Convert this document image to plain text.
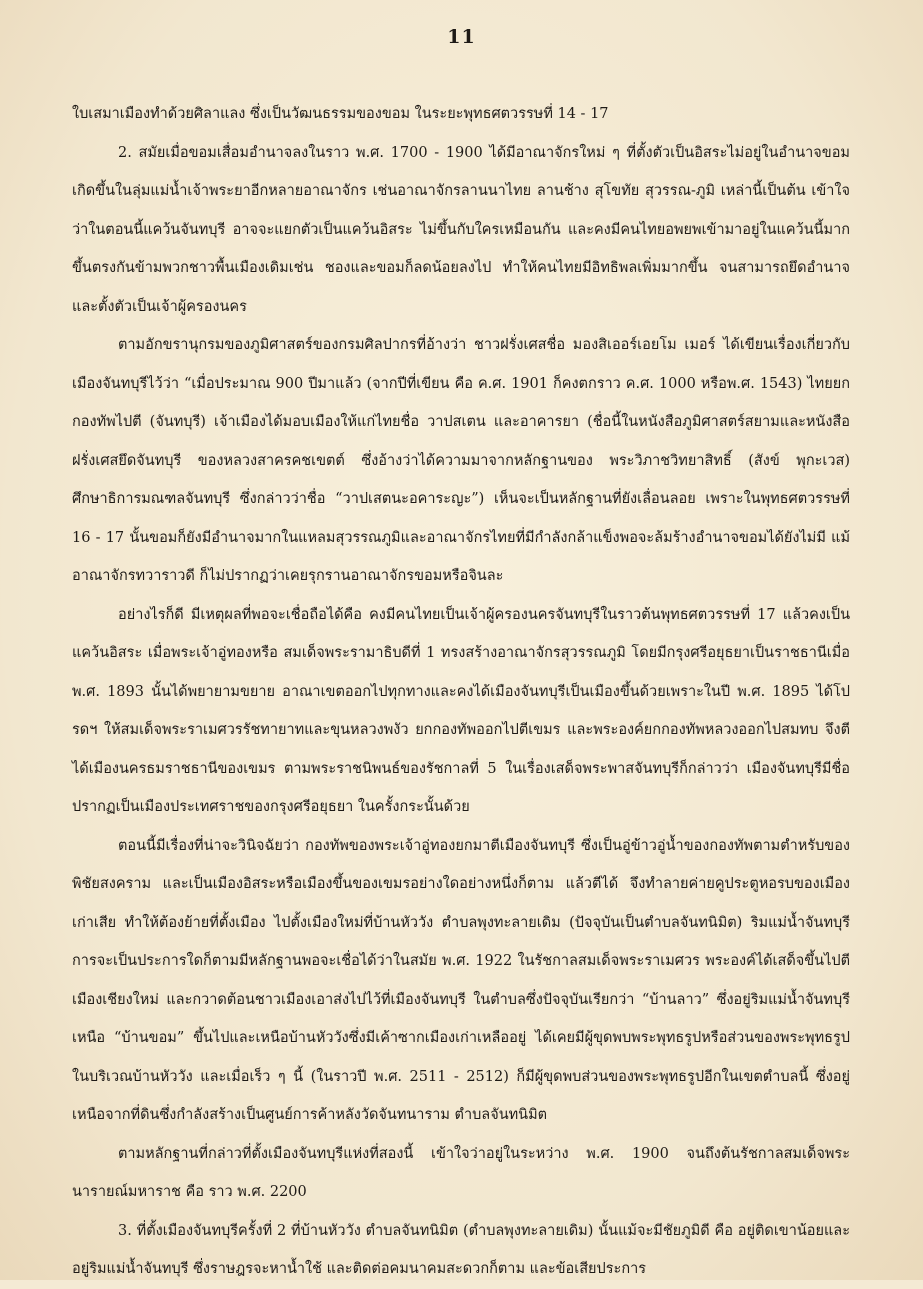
11

ใบเสมาเมืองทำด้วยศิลาแลง ซึ่งเป็นวัฒนธรรมของขอม ในระยะพุทธศตวรรษที่ 14 - 17

2. สมัยเมื่อขอมเสื่อมอำนาจลงในราว พ.ศ. 1700 - 1900 ได้มีอาณาจักรใหม่ ๆ ที่ตั้งตัวเป็นอิสระไม่อยู่ในอำนาจขอม เกิดขึ้นในลุ่มแม่น้ำเจ้าพระยาอีกหลายอาณาจักร เช่นอาณาจักรลานนาไทย ลานช้าง สุโขทัย สุวรรณ-ภูมิ เหล่านี้เป็นต้น เข้าใจว่าในตอนนี้แคว้นจันทบุรี อาจจะแยกตัวเป็นแคว้นอิสระ ไม่ขึ้นกับใครเหมือนกัน และคงมีคนไทยอพยพเข้ามาอยู่ในแคว้นนี้มากขึ้นตรงกันข้ามพวกชาวพื้นเมืองเดิมเช่น ชองและขอมก็ลดน้อยลงไป ทำให้คนไทยมีอิทธิพลเพิ่มมากขึ้น จนสามารถยึดอำนาจและตั้งตัวเป็นเจ้าผู้ครองนคร

ตามอักขรานุกรมของภูมิศาสตร์ของกรมศิลปากรที่อ้างว่า ชาวฝรั่งเศสชื่อ มองสิเออร์เอยโม เมอร์ ได้เขียนเรื่องเกี่ยวกับเมืองจันทบุรีไว้ว่า “เมื่อประมาณ 900 ปีมาแล้ว (จากปีที่เขียน คือ ค.ศ. 1901 ก็คงตกราว ค.ศ. 1000 หรือพ.ศ. 1543) ไทยยกกองทัพไปตี (จันทบุรี) เจ้าเมืองได้มอบเมืองให้แก่ไทยชื่อ วาปสเตน และอาคารยา (ชื่อนี้ในหนังสือภูมิศาสตร์สยามและหนังสือฝรั่งเศสยึดจันทบุรี ของหลวงสาครคชเขตต์ ซึ่งอ้างว่าได้ความมาจากหลักฐานของ พระวิภาชวิทยาสิทธิ์ (สังข์ พุกะเวส) ศึกษาธิการมณฑลจันทบุรี ซึ่งกล่าวว่าชื่อ “วาปเสตนะอคาระญะ”) เห็นจะเป็นหลักฐานที่ยังเลื่อนลอย เพราะในพุทธศตวรรษที่ 16 - 17 นั้นขอมก็ยังมีอำนาจมากในแหลมสุวรรณภูมิและอาณาจักรไทยที่มีกำลังกล้าแข็งพอจะล้มร้างอำนาจขอมได้ยังไม่มี แม้อาณาจักรทวาราวดี ก็ไม่ปรากฏว่าเคยรุกรานอาณาจักรขอมหรือจินละ

อย่างไรก็ดี มีเหตุผลที่พอจะเชื่อถือได้คือ คงมีคนไทยเป็นเจ้าผู้ครองนครจันทบุรีในราวต้นพุทธศตวรรษที่ 17 แล้วคงเป็นแคว้นอิสระ เมื่อพระเจ้าอู่ทองหรือ สมเด็จพระรามาธิบดีที่ 1 ทรงสร้างอาณาจักรสุวรรณภูมิ โดยมีกรุงศรีอยุธยาเป็นราชธานีเมื่อ พ.ศ. 1893 นั้นได้พยายามขยาย อาณาเขตออกไปทุกทางและคงได้เมืองจันทบุรีเป็นเมืองขึ้นด้วยเพราะในปี พ.ศ. 1895 ได้โปรดฯ ให้สมเด็จพระราเมศวรรัชทายาทและขุนหลวงพงัว ยกกองทัพออกไปตีเขมร และพระองค์ยกกองทัพหลวงออกไปสมทบ จึงตีได้เมืองนครธมราชธานีของเขมร ตามพระราชนิพนธ์ของรัชกาลที่ 5 ในเรื่องเสด็จพระพาสจันทบุรีก็กล่าวว่า เมืองจันทบุรีมีชื่อปรากฏเป็นเมืองประเทศราชของกรุงศรีอยุธยา ในครั้งกระนั้นด้วย

ตอนนี้มีเรื่องที่น่าจะวินิจฉัยว่า กองทัพของพระเจ้าอู่ทองยกมาตีเมืองจันทบุรี ซึ่งเป็นอู่ข้าวอู่น้ำของกองทัพตามตำหรับของพิชัยสงคราม และเป็นเมืองอิสระหรือเมืองขึ้นของเขมรอย่างใดอย่างหนึ่งก็ตาม แล้วตีได้ จึงทำลายค่ายคูประตูหอรบของเมืองเก่าเสีย ทำให้ต้องย้ายที่ตั้งเมือง ไปตั้งเมืองใหม่ที่บ้านหัววัง ตำบลพุงทะลายเดิม (ปัจจุบันเป็นตำบลจันทนิมิต) ริมแม่น้ำจันทบุรีการจะเป็นประการใดก็ตามมีหลักฐานพอจะเชื่อได้ว่าในสมัย พ.ศ. 1922 ในรัชกาลสมเด็จพระราเมศวร พระองค์ได้เสด็จขึ้นไปตีเมืองเชียงใหม่ และกวาดต้อนชาวเมืองเอาส่งไปไว้ที่เมืองจันทบุรี ในตำบลซึ่งปัจจุบันเรียกว่า “บ้านลาว” ซึ่งอยู่ริมแม่น้ำจันทบุรีเหนือ “บ้านขอม” ขึ้นไปและเหนือบ้านหัววังซึ่งมีเค้าซากเมืองเก่าเหลืออยู่ ได้เคยมีผู้ขุดพบพระพุทธรูปหรือส่วนของพระพุทธรูป ในบริเวณบ้านหัววัง และเมื่อเร็ว ๆ นี้ (ในราวปี พ.ศ. 2511 - 2512) ก็มีผู้ขุดพบส่วนของพระพุทธรูปอีกในเขตตำบลนี้ ซึ่งอยู่เหนือจากที่ดินซึ่งกำลังสร้างเป็นศูนย์การค้าหลังวัดจันทนาราม ตำบลจันทนิมิต

ตามหลักฐานที่กล่าวที่ตั้งเมืองจันทบุรีแห่งที่สองนี้ เข้าใจว่าอยู่ในระหว่าง พ.ศ. 1900 จนถึงต้นรัชกาลสมเด็จพระนารายณ์มหาราช คือ ราว พ.ศ. 2200

3. ที่ตั้งเมืองจันทบุรีครั้งที่ 2 ที่บ้านหัววัง ตำบลจันทนิมิต (ตำบลพุงทะลายเดิม) นั้นแม้จะมีชัยภูมิดี คือ อยู่ติดเขาน้อยและอยู่ริมแม่น้ำจันทบุรี ซึ่งราษฎรจะหาน้ำใช้ และติดต่อคมนาคมสะดวกก็ตาม และข้อเสียประการ
